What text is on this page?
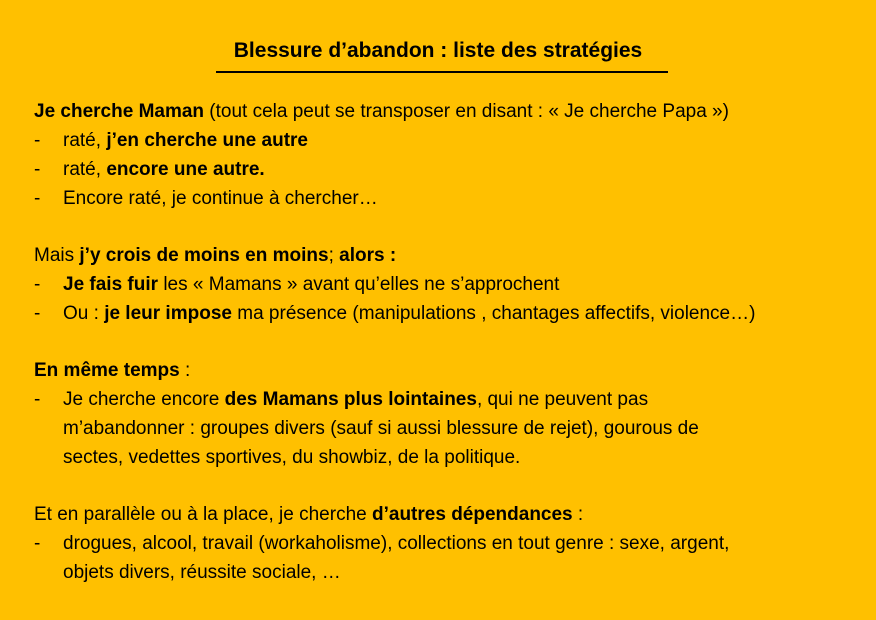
Blessure d’abandon : liste des stratégies
Je cherche Maman (tout cela peut se transposer en disant : « Je cherche Papa »)
- raté, j’en cherche une autre
- raté, encore une autre.
- Encore raté, je continue à chercher…
Mais j’y crois de moins en moins; alors :
- Je fais fuir les « Mamans » avant qu’elles ne s’approchent
- Ou : je leur impose ma présence (manipulations , chantages affectifs, violence…)
En même temps :
- Je cherche encore des Mamans plus lointaines, qui ne peuvent pas
m’abandonner : groupes divers (sauf si aussi blessure de rejet), gourous de
sectes, vedettes sportives, du showbiz, de la politique.
Et en parallèle ou à la place, je cherche d’autres dépendances :
- drogues, alcool, travail (workaholisme), collections en tout genre : sexe, argent,
objets divers, réussite sociale, …
